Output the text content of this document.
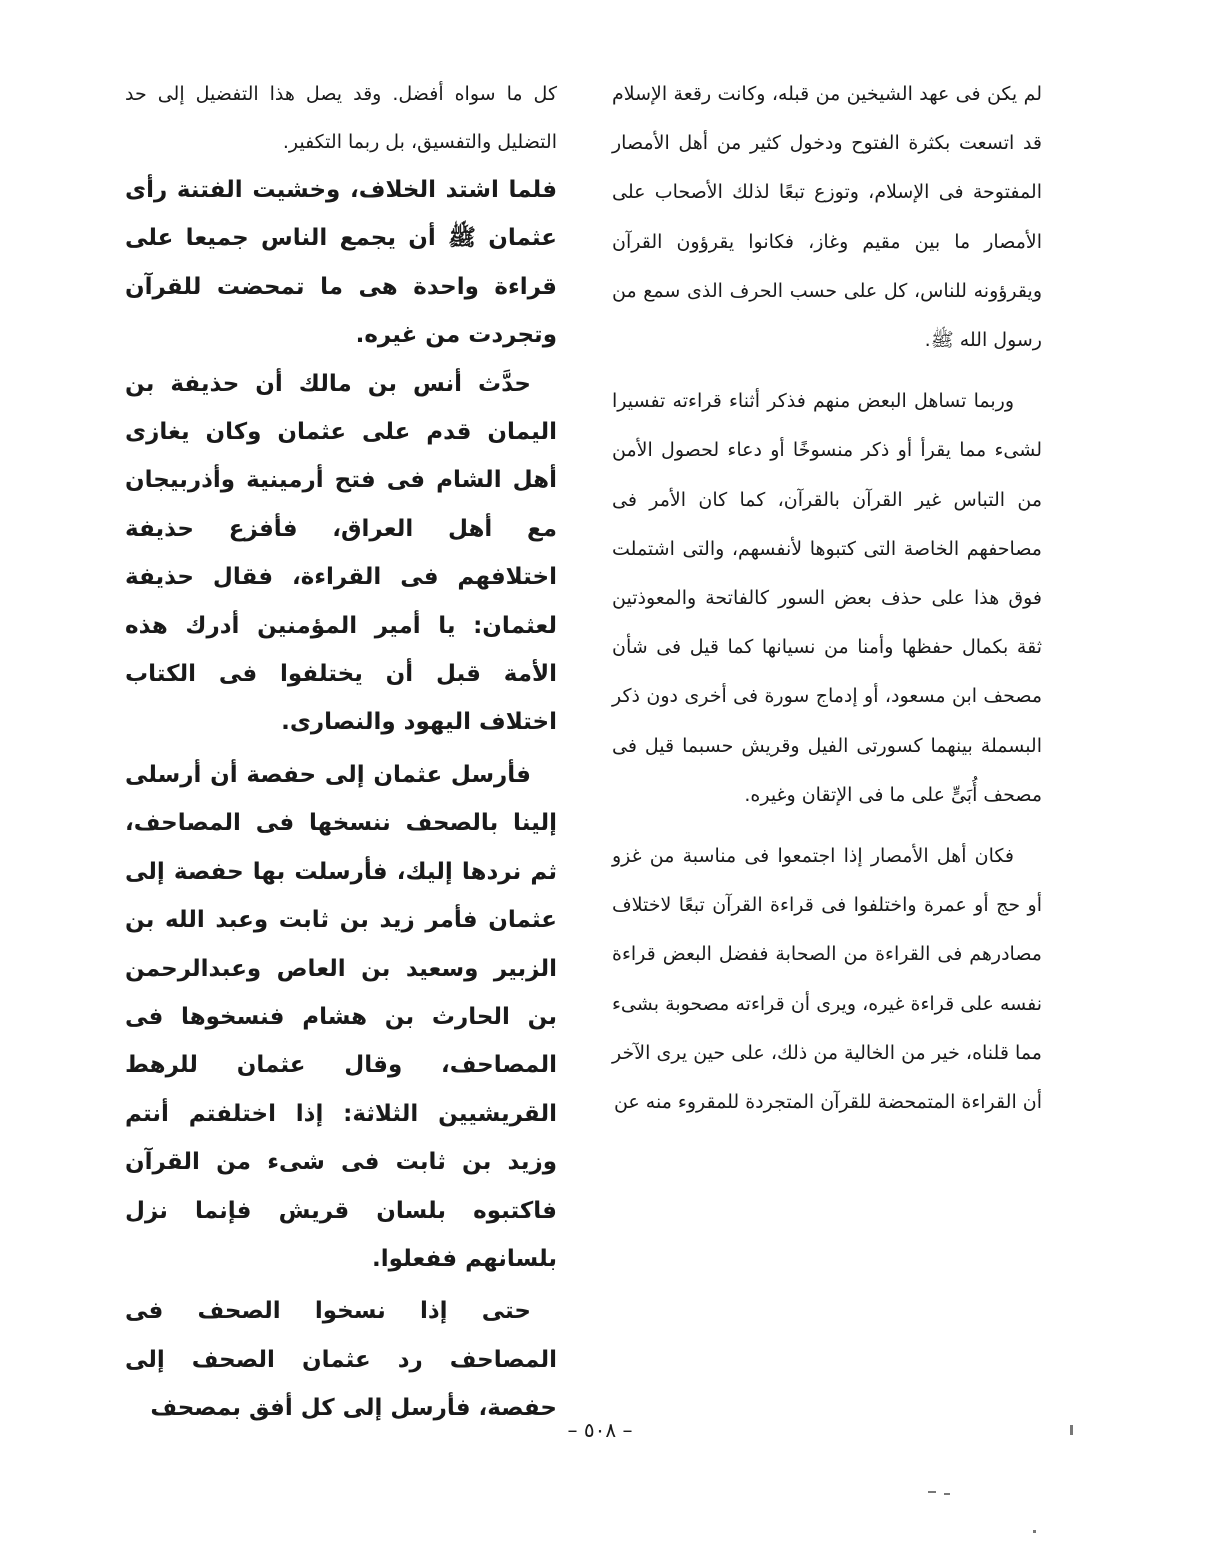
لم يكن فى عهد الشيخين من قبله، وكانت رقعة الإسلام قد اتسعت بكثرة الفتوح ودخول كثير من أهل الأمصار المفتوحة فى الإسلام، وتوزع تبعًا لذلك الأصحاب على الأمصار ما بين مقيم وغاز، فكانوا يقرؤون القرآن ويقرؤونه للناس، كل على حسب الحرف الذى سمع من رسول الله ﷺ.

وربما تساهل البعض منهم فذكر أثناء قراءته تفسيرا لشىء مما يقرأ أو ذكر منسوخًا أو دعاء لحصول الأمن من التباس غير القرآن بالقرآن، كما كان الأمر فى مصاحفهم الخاصة التى كتبوها لأنفسهم، والتى اشتملت فوق هذا على حذف بعض السور كالفاتحة والمعوذتين ثقة بكمال حفظها وأمنا من نسيانها كما قيل فى شأن مصحف ابن مسعود، أو إدماج سورة فى أخرى دون ذكر البسملة بينهما كسورتى الفيل وقريش حسبما قيل فى مصحف أُبَىٍّ على ما فى الإتقان وغيره.

فكان أهل الأمصار إذا اجتمعوا فى مناسبة من غزو أو حج أو عمرة واختلفوا فى قراءة القرآن تبعًا لاختلاف مصادرهم فى القراءة من الصحابة ففضل البعض قراءة نفسه على قراءة غيره، ويرى أن قراءته مصحوبة بشىء مما قلناه، خير من الخالية من ذلك، على حين يرى الآخر أن القراءة المتمحضة للقرآن المتجردة للمقروء منه عن

كل ما سواه أفضل. وقد يصل هذا التفضيل إلى حد التضليل والتفسيق، بل ربما التكفير.

فلما اشتد الخلاف، وخشيت الفتنة رأى عثمان ﷺ أن يجمع الناس جميعا على قراءة واحدة هى ما تمحضت للقرآن وتجردت من غيره.

حدَّث أنس بن مالك أن حذيفة بن اليمان قدم على عثمان وكان يغازى أهل الشام فى فتح أرمينية وأذربيجان مع أهل العراق، فأفزع حذيفة اختلافهم فى القراءة، فقال حذيفة لعثمان: يا أمير المؤمنين أدرك هذه الأمة قبل أن يختلفوا فى الكتاب اختلاف اليهود والنصارى.

فأرسل عثمان إلى حفصة أن أرسلى إلينا بالصحف ننسخها فى المصاحف، ثم نردها إليك، فأرسلت بها حفصة إلى عثمان فأمر زيد بن ثابت وعبد الله بن الزبير وسعيد بن العاص وعبدالرحمن بن الحارث بن هشام فنسخوها فى المصاحف، وقال عثمان للرهط القريشيين الثلاثة: إذا اختلفتم أنتم وزيد بن ثابت فى شىء من القرآن فاكتبوه بلسان قريش فإنما نزل بلسانهم ففعلوا.

حتى إذا نسخوا الصحف فى المصاحف رد عثمان الصحف إلى حفصة، فأرسل إلى كل أفق بمصحف

– ٥٠٨ –
